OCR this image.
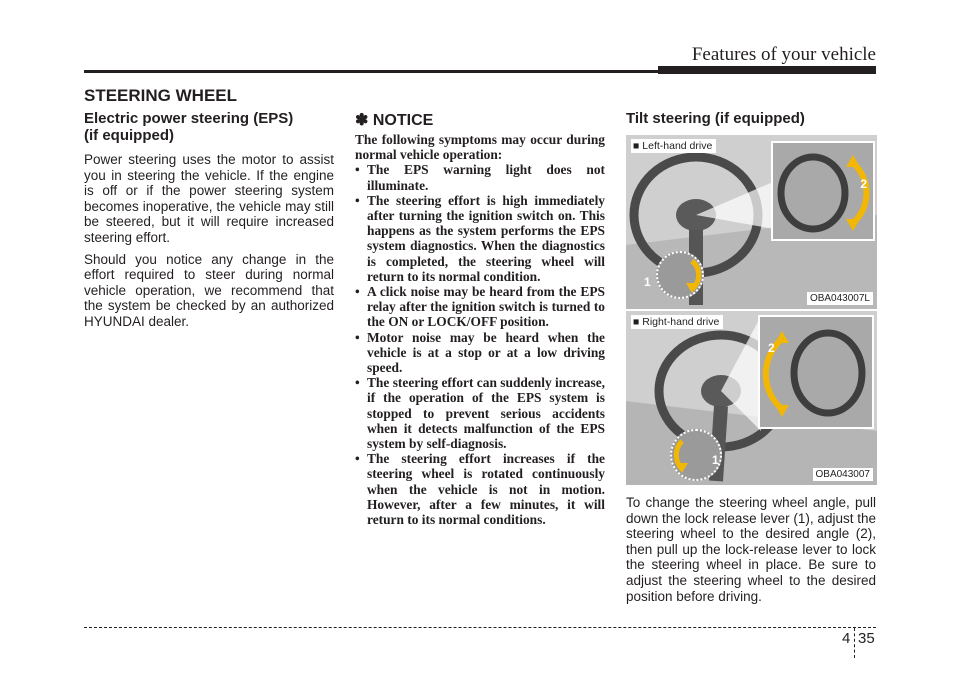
Features of your vehicle
STEERING WHEEL
Electric power steering (EPS)
(if equipped)

Power steering uses the motor to assist you in steering the vehicle. If the engine is off or if the power steering system becomes inoperative, the vehicle may still be steered, but it will require increased steering effort.

Should you notice any change in the effort required to steer during normal vehicle operation, we recommend that the system be checked by an authorized HYUNDAI dealer.

✽ NOTICE

The following symptoms may occur during normal vehicle operation:

• The EPS warning light does not illuminate.
• The steering effort is high immediately after turning the ignition switch on. This happens as the system performs the EPS system diagnostics. When the diagnostics is completed, the steering wheel will return to its normal condition.
• A click noise may be heard from the EPS relay after the ignition switch is turned to the ON or LOCK/OFF position.
• Motor noise may be heard when the vehicle is at a stop or at a low driving speed.
• The steering effort can suddenly increase, if the operation of the EPS system is stopped to prevent serious accidents when it detects malfunction of the EPS system by self-diagnosis.
• The steering effort increases if the steering wheel is rotated continuously when the vehicle is not in motion. However, after a few minutes, it will return to its normal conditions.
Tilt steering (if equipped)
2
1
■ Left-hand drive
OBA043007L
2
1
■ Right-hand drive
OBA043007

To change the steering wheel angle, pull down the lock release lever (1), adjust the steering wheel to the desired angle (2), then pull up the lock-release lever to lock the steering wheel in place. Be sure to adjust the steering wheel to the desired position before driving.

4 35
